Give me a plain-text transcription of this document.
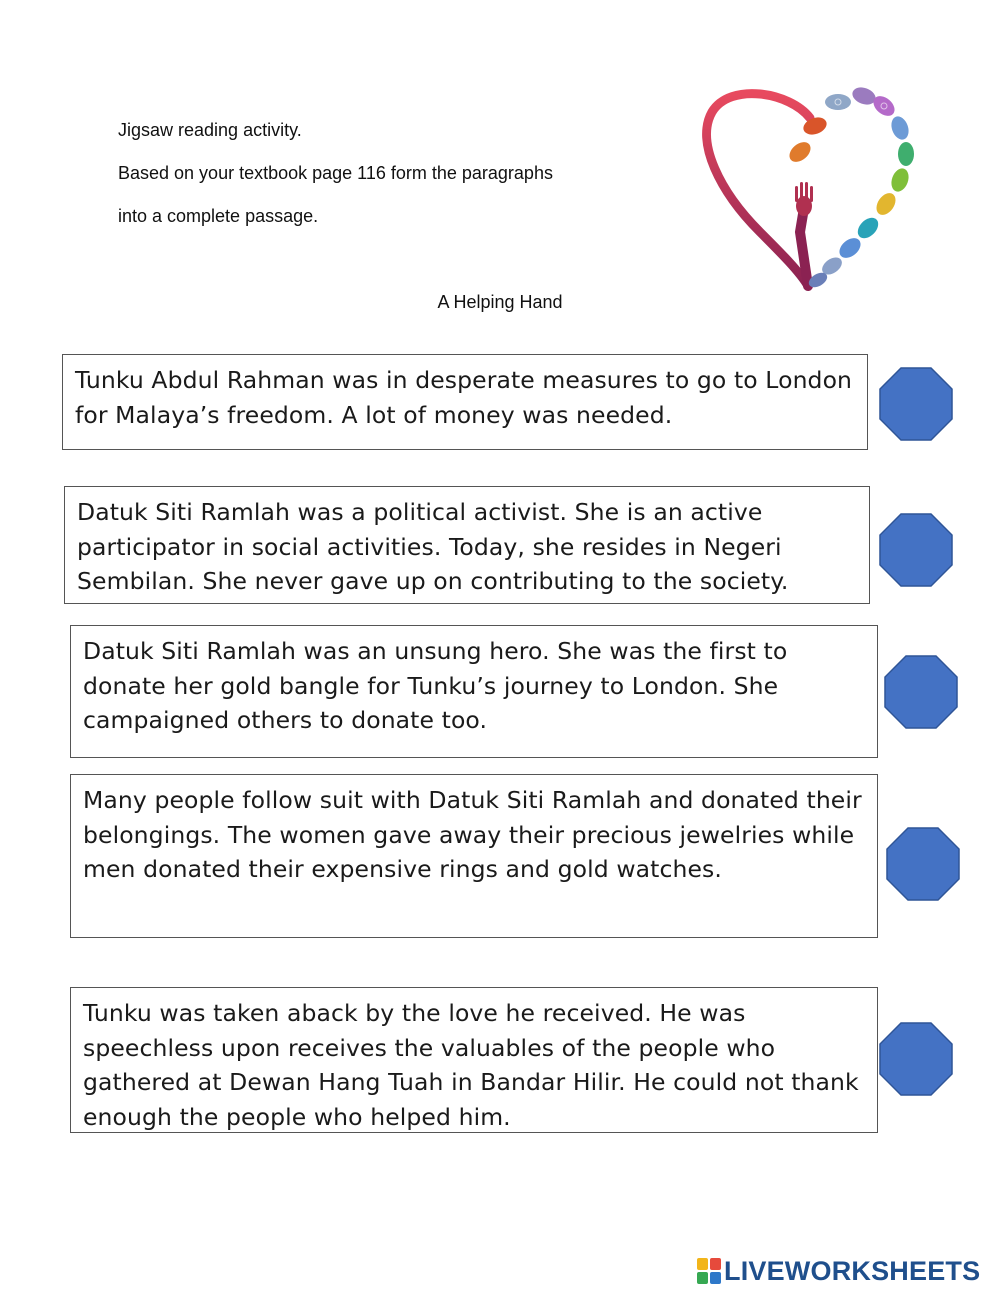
Jigsaw reading activity.
Based on your textbook page 116 form the paragraphs
into a complete passage.
A Helping Hand

Tunku Abdul Rahman was in desperate measures to go to London for Malaya’s freedom. A lot of money was needed.

Datuk Siti Ramlah was a political activist. She is an active participator in social activities. Today, she resides in Negeri Sembilan. She never gave up on contributing to the society.

Datuk Siti Ramlah was an unsung hero. She was the first to donate her gold bangle for Tunku’s journey to London. She campaigned others to donate too.

Many people follow suit with Datuk Siti Ramlah and donated their belongings. The women gave away their precious jewelries while men donated their expensive rings and gold watches.

Tunku was taken aback by the love he received. He was speechless upon receives the valuables of the people who gathered at Dewan Hang Tuah in Bandar Hilir. He could not thank enough the people who helped him.

LIVEWORKSHEETS
